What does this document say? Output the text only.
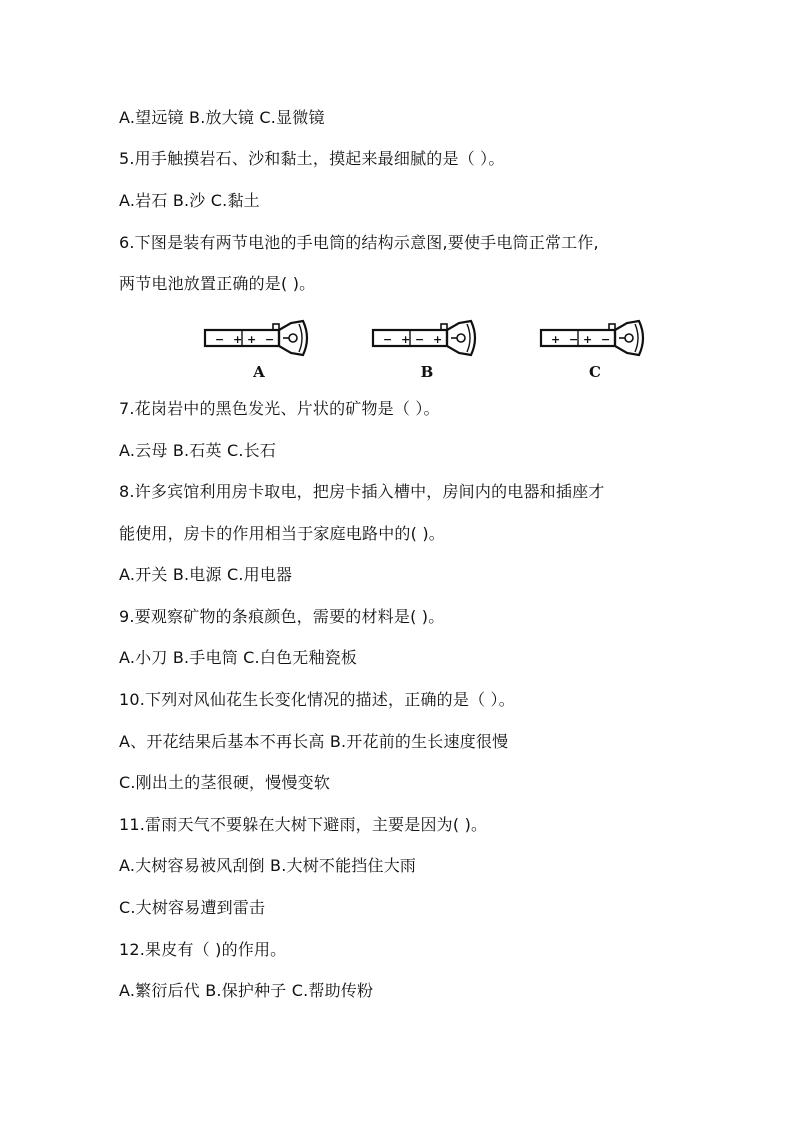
A.望远镜 B.放大镜 C.显微镜
5.用手触摸岩石、沙和黏土，摸起来最细腻的是（ ）。
A.岩石 B.沙 C.黏土
6.下图是装有两节电池的手电筒的结构示意图,要使手电筒正常工作,
两节电池放置正确的是( )。
− + + −
A
− + − +
B
+ − + −
C
7.花岗岩中的黑色发光、片状的矿物是（ ）。
A.云母 B.石英 C.长石
8.许多宾馆利用房卡取电，把房卡插入槽中，房间内的电器和插座才
能使用，房卡的作用相当于家庭电路中的( )。
A.开关 B.电源 C.用电器
9.要观察矿物的条痕颜色，需要的材料是( )。
A.小刀 B.手电筒 C.白色无釉瓷板
10.下列对风仙花生长变化情况的描述，正确的是（ ）。
A、开花结果后基本不再长高 B.开花前的生长速度很慢
C.刚出土的茎很硬，慢慢变软
11.雷雨天气不要躲在大树下避雨，主要是因为( )。
A.大树容易被风刮倒 B.大树不能挡住大雨
C.大树容易遭到雷击
12.果皮有（ )的作用。
A.繁衍后代 B.保护种子 C.帮助传粉
